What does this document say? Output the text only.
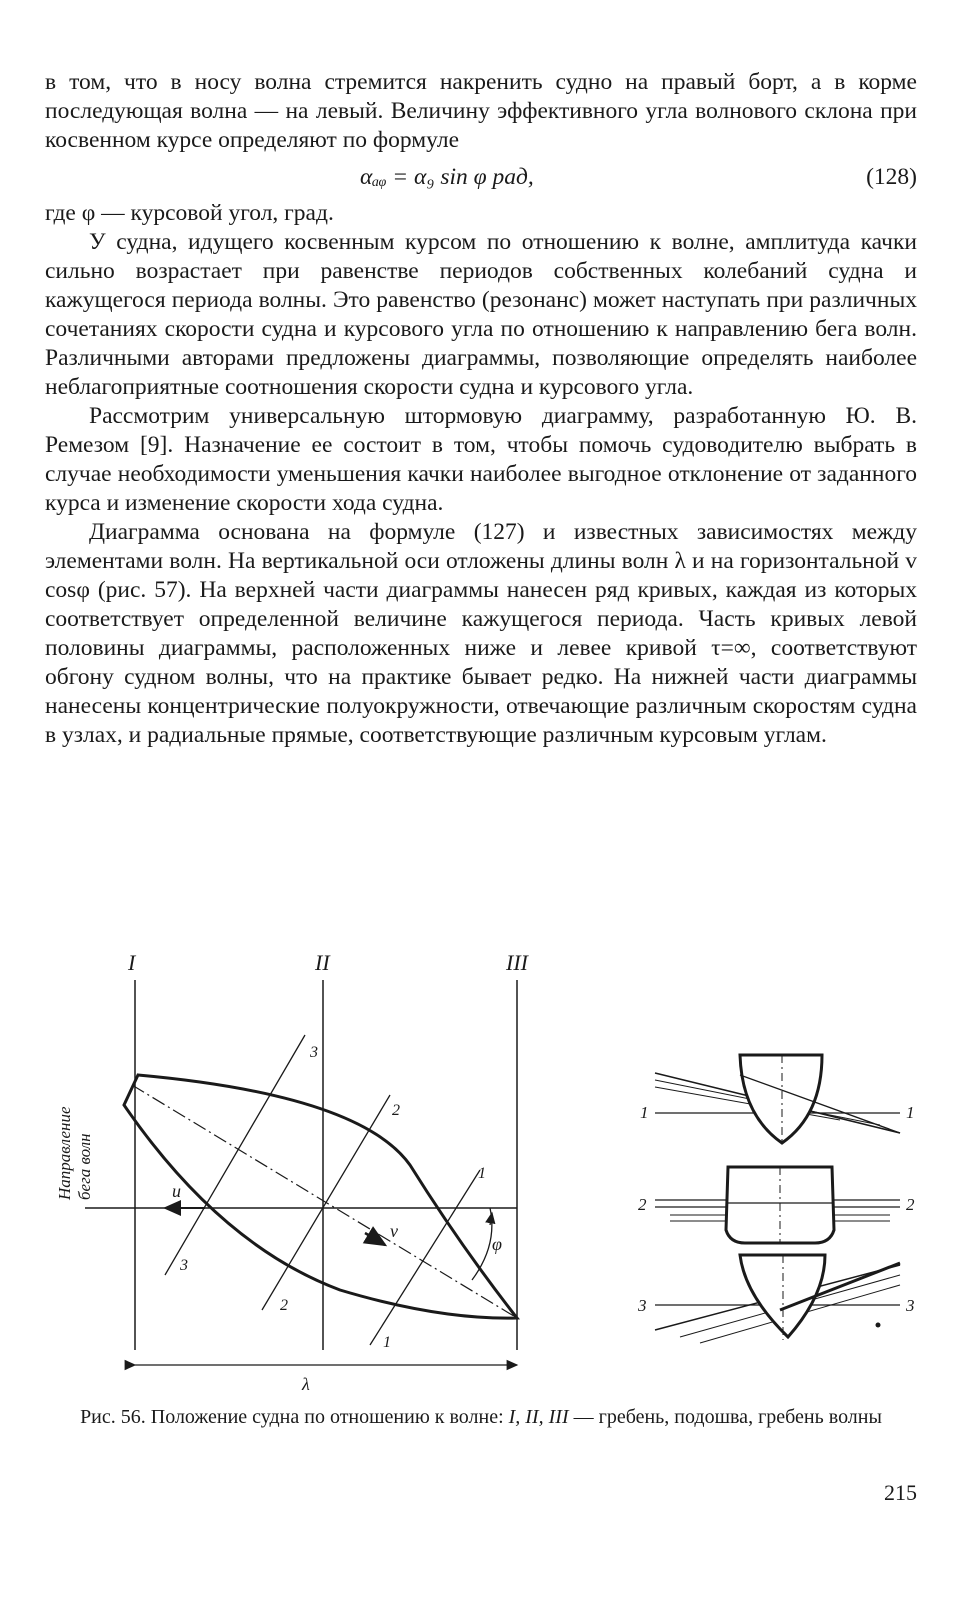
в том, что в носу волна стремится накренить судно на правый борт, а в корме последующая волна — на левый. Величину эффективного угла волнового склона при косвенном курсе определяют по формуле

αₐᵩ = α₉ sin φ рад,	(128)

где φ — курсовой угол, град.

У судна, идущего косвенным курсом по отношению к волне, амплитуда качки сильно возрастает при равенстве периодов собственных колебаний судна и кажущегося периода волны. Это равенство (резонанс) может наступать при различных сочетаниях скорости судна и курсового угла по отношению к направлению бега волн. Различными авторами предложены диаграммы, позволяющие определять наиболее неблагоприятные соотношения скорости судна и курсового угла.

Рассмотрим универсальную штормовую диаграмму, разработанную Ю. В. Ремезом [9]. Назначение ее состоит в том, чтобы помочь судоводителю выбрать в случае необходимости уменьшения качки наиболее выгодное отклонение от заданного курса и изменение скорости хода судна.

Диаграмма основана на формуле (127) и известных зависимостях между элементами волн. На вертикальной оси отложены длины волн λ и на горизонтальной v cosφ (рис. 57). На верхней части диаграммы нанесен ряд кривых, каждая из которых соответствует определенной величине кажущегося периода. Часть кривых левой половины диаграммы, расположенных ниже и левее кривой τ=∞, соответствуют обгону судном волны, что на практике бывает редко. На нижней части диаграммы нанесены концентрические полуокружности, отвечающие различным скоростям судна в узлах, и радиальные прямые, соответствующие различным курсовым углам.

I	II	III
Направление бега волн	u
v
φ
λ
3
3
2
2
1
1
1	1
2	2
3	3
Рис. 56. Положение судна по отношению к волне: I, II, III — гребень, подошва, гребень волны
215
